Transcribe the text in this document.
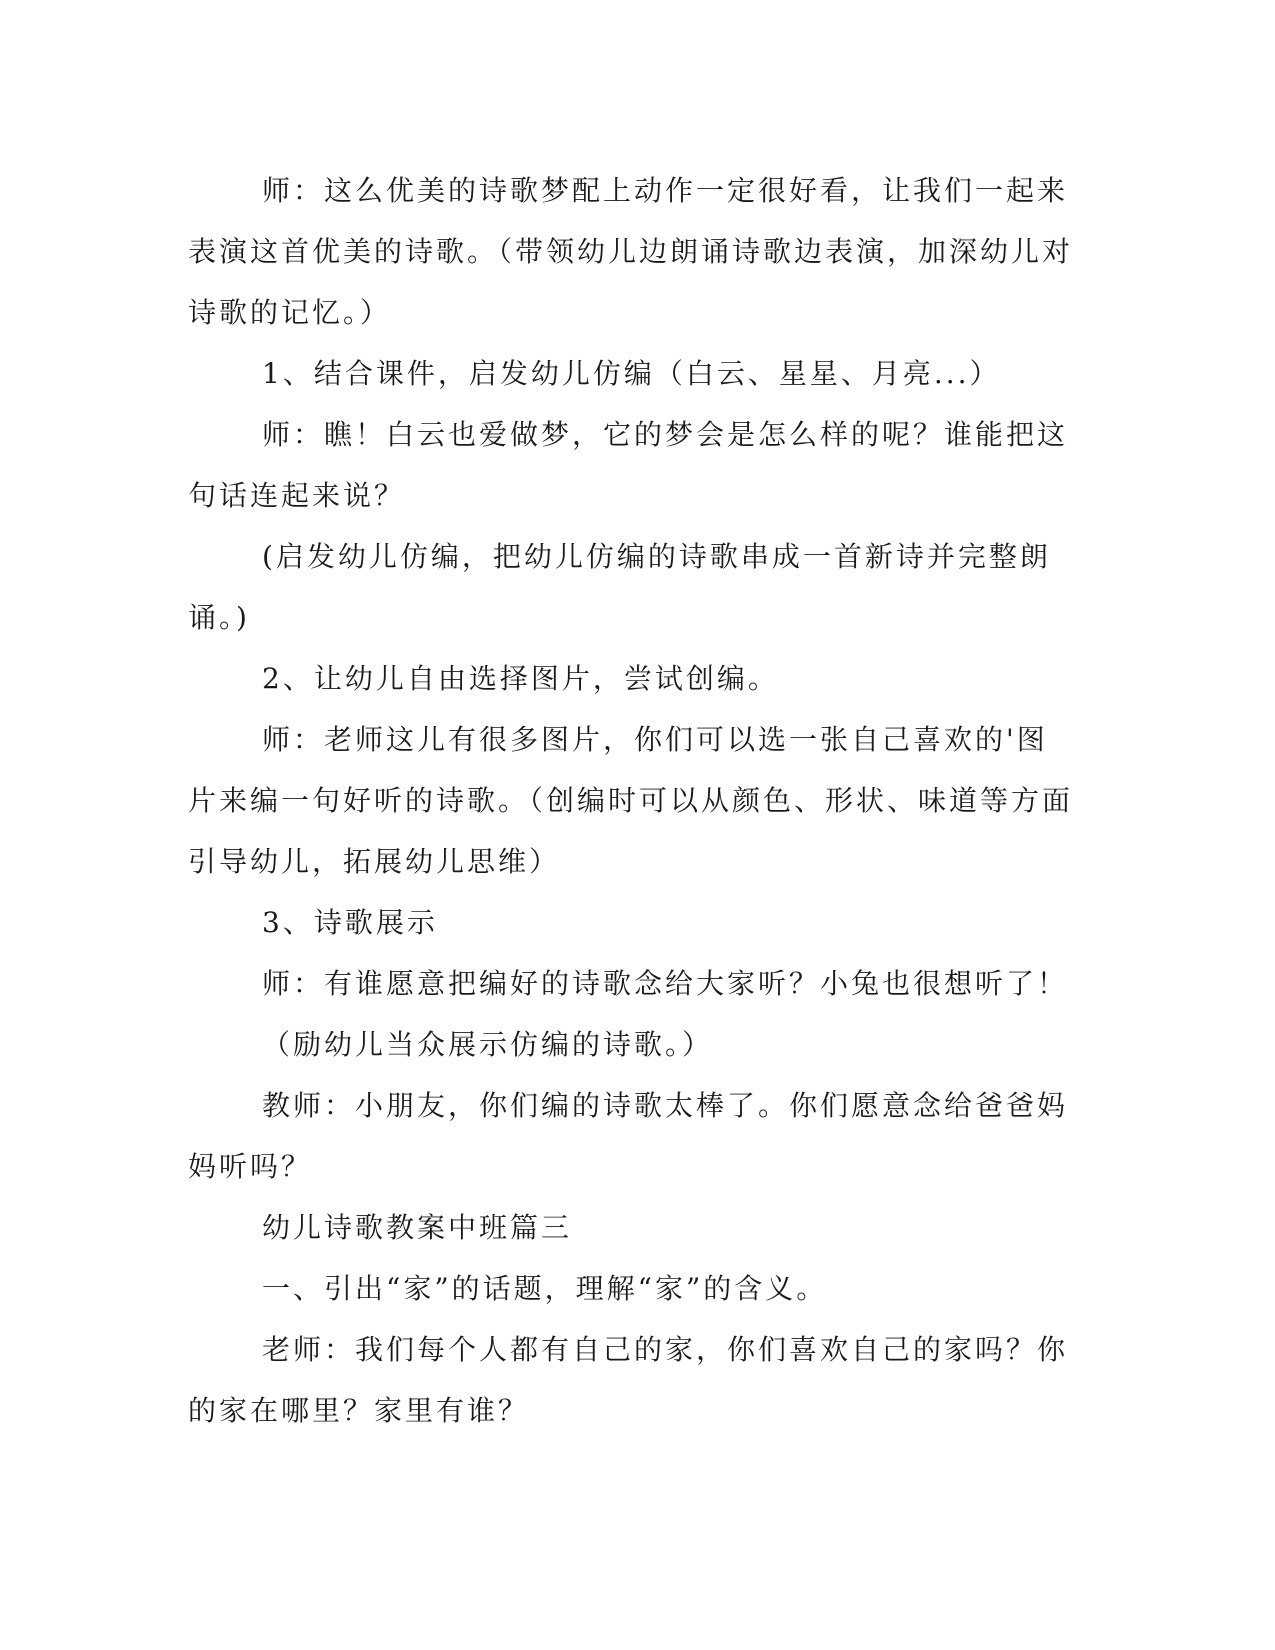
师：这么优美的诗歌梦配上动作一定很好看，让我们一起来表演这首优美的诗歌。（带领幼儿边朗诵诗歌边表演，加深幼儿对诗歌的记忆。）

1、结合课件，启发幼儿仿编（白云、星星、月亮...）

师：瞧！白云也爱做梦，它的梦会是怎么样的呢？谁能把这句话连起来说？

(启发幼儿仿编，把幼儿仿编的诗歌串成一首新诗并完整朗诵。)

2、让幼儿自由选择图片，尝试创编。

师：老师这儿有很多图片，你们可以选一张自己喜欢的'图片来编一句好听的诗歌。（创编时可以从颜色、形状、味道等方面引导幼儿，拓展幼儿思维）

3、诗歌展示

师：有谁愿意把编好的诗歌念给大家听？小兔也很想听了！

（励幼儿当众展示仿编的诗歌。）

教师：小朋友，你们编的诗歌太棒了。你们愿意念给爸爸妈妈听吗？

幼儿诗歌教案中班篇三

一、引出“家”的话题，理解“家”的含义。

老师：我们每个人都有自己的家，你们喜欢自己的家吗？你的家在哪里？家里有谁？
